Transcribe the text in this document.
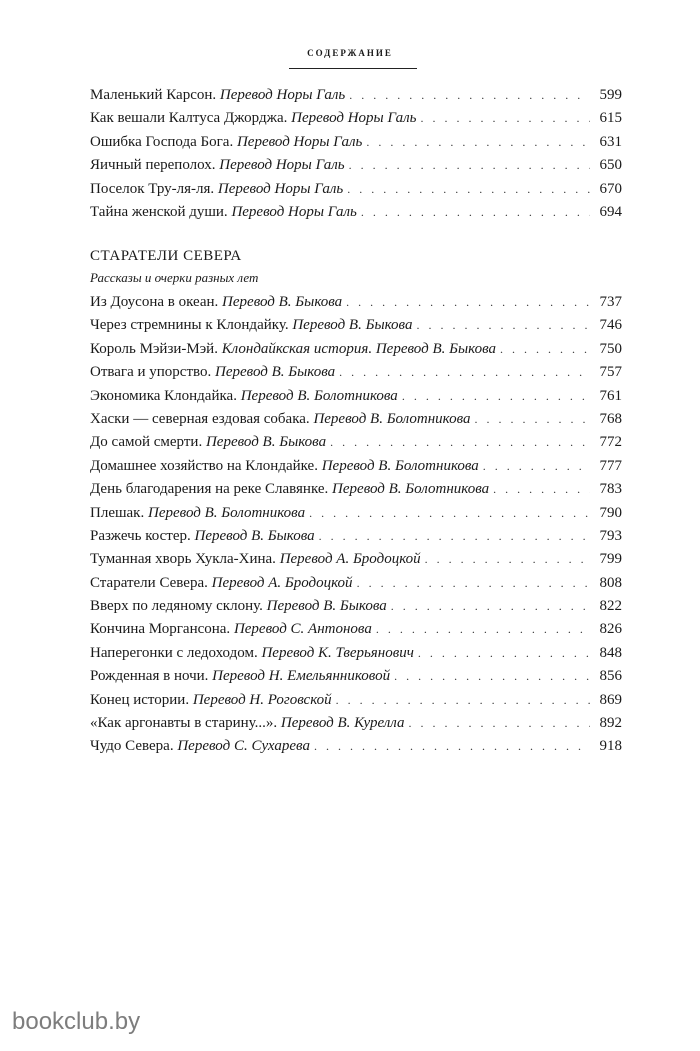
содержание
Маленький Карсон. Перевод Норы Галь . . .	599
Как вешали Калтуса Джорджа. Перевод Норы Галь . . .	615
Ошибка Господа Бога. Перевод Норы Галь . . .	631
Яичный переполох. Перевод Норы Галь . . .	650
Поселок Тру-ля-ля. Перевод Норы Галь . . .	670
Тайна женской души. Перевод Норы Галь . . .	694
СТАРАТЕЛИ СЕВЕРА
Рассказы и очерки разных лет
Из Доусона в океан. Перевод В. Быкова . . .	737
Через стремнины к Клондайку. Перевод В. Быкова . . .	746
Король Мэйзи-Мэй. Клондайкская история. Перевод В. Быкова . . .	750
Отвага и упорство. Перевод В. Быкова . . .	757
Экономика Клондайка. Перевод В. Болотникова . . .	761
Хаски — северная ездовая собака. Перевод В. Болотникова . . .	768
До самой смерти. Перевод В. Быкова . . .	772
Домашнее хозяйство на Клондайке. Перевод В. Болотникова . . .	777
День благодарения на реке Славянке. Перевод В. Болотникова . . .	783
Плешак. Перевод В. Болотникова . . .	790
Разжечь костер. Перевод В. Быкова . . .	793
Туманная хворь Хукла-Хина. Перевод А. Бродоцкой . . .	799
Старатели Севера. Перевод А. Бродоцкой . . .	808
Вверх по ледяному склону. Перевод В. Быкова . . .	822
Кончина Моргансона. Перевод С. Антонова . . .	826
Наперегонки с ледоходом. Перевод К. Тверьянович . . .	848
Рожденная в ночи. Перевод Н. Емельянниковой . . .	856
Конец истории. Перевод Н. Роговской . . .	869
«Как аргонавты в старину...». Перевод В. Курелла . . .	892
Чудо Севера. Перевод С. Сухарева . . .	918
bookclub.by
